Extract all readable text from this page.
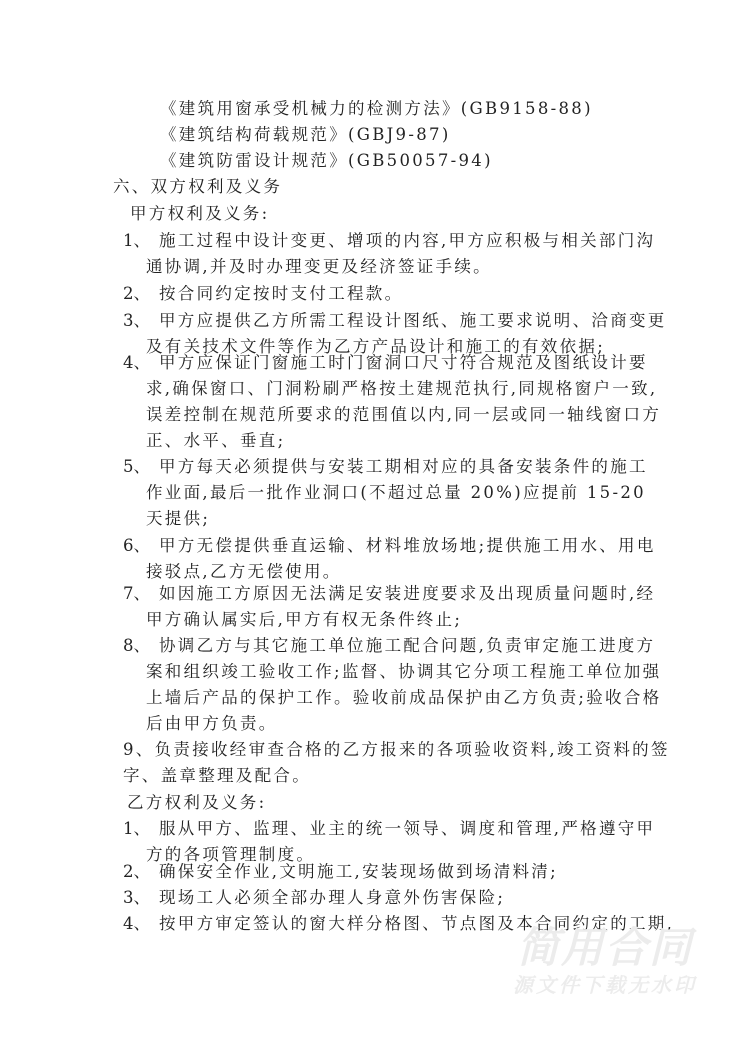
《建筑用窗承受机械力的检测方法》(GB9158-88)
《建筑结构荷载规范》(GBJ9-87)
《建筑防雷设计规范》(GB50057-94)
六、双方权利及义务
甲方权利及义务:
1、 施工过程中设计变更、增项的内容,甲方应积极与相关部门沟
通协调,并及时办理变更及经济签证手续。
2、 按合同约定按时支付工程款。
3、 甲方应提供乙方所需工程设计图纸、施工要求说明、洽商变更
及有关技术文件等作为乙方产品设计和施工的有效依据;
4、 甲方应保证门窗施工时门窗洞口尺寸符合规范及图纸设计要
求,确保窗口、门洞粉刷严格按土建规范执行,同规格窗户一致,
误差控制在规范所要求的范围值以内,同一层或同一轴线窗口方
正、水平、垂直;
5、 甲方每天必须提供与安装工期相对应的具备安装条件的施工
作业面,最后一批作业洞口(不超过总量 20%)应提前 15-20
天提供;
6、 甲方无偿提供垂直运输、材料堆放场地;提供施工用水、用电
接驳点,乙方无偿使用。
7、 如因施工方原因无法满足安装进度要求及出现质量问题时,经
甲方确认属实后,甲方有权无条件终止;
8、 协调乙方与其它施工单位施工配合问题,负责审定施工进度方
案和组织竣工验收工作;监督、协调其它分项工程施工单位加强
上墙后产品的保护工作。验收前成品保护由乙方负责;验收合格
后由甲方负责。
9、负责接收经审查合格的乙方报来的各项验收资料,竣工资料的签
字、盖章整理及配合。
乙方权利及义务:
1、 服从甲方、监理、业主的统一领导、调度和管理,严格遵守甲
方的各项管理制度。
2、 确保安全作业,文明施工,安装现场做到场清料清;
3、 现场工人必须全部办理人身意外伤害保险;
4、 按甲方审定签认的窗大样分格图、节点图及本合同约定的工期,
简用合同
源文件下载无水印
